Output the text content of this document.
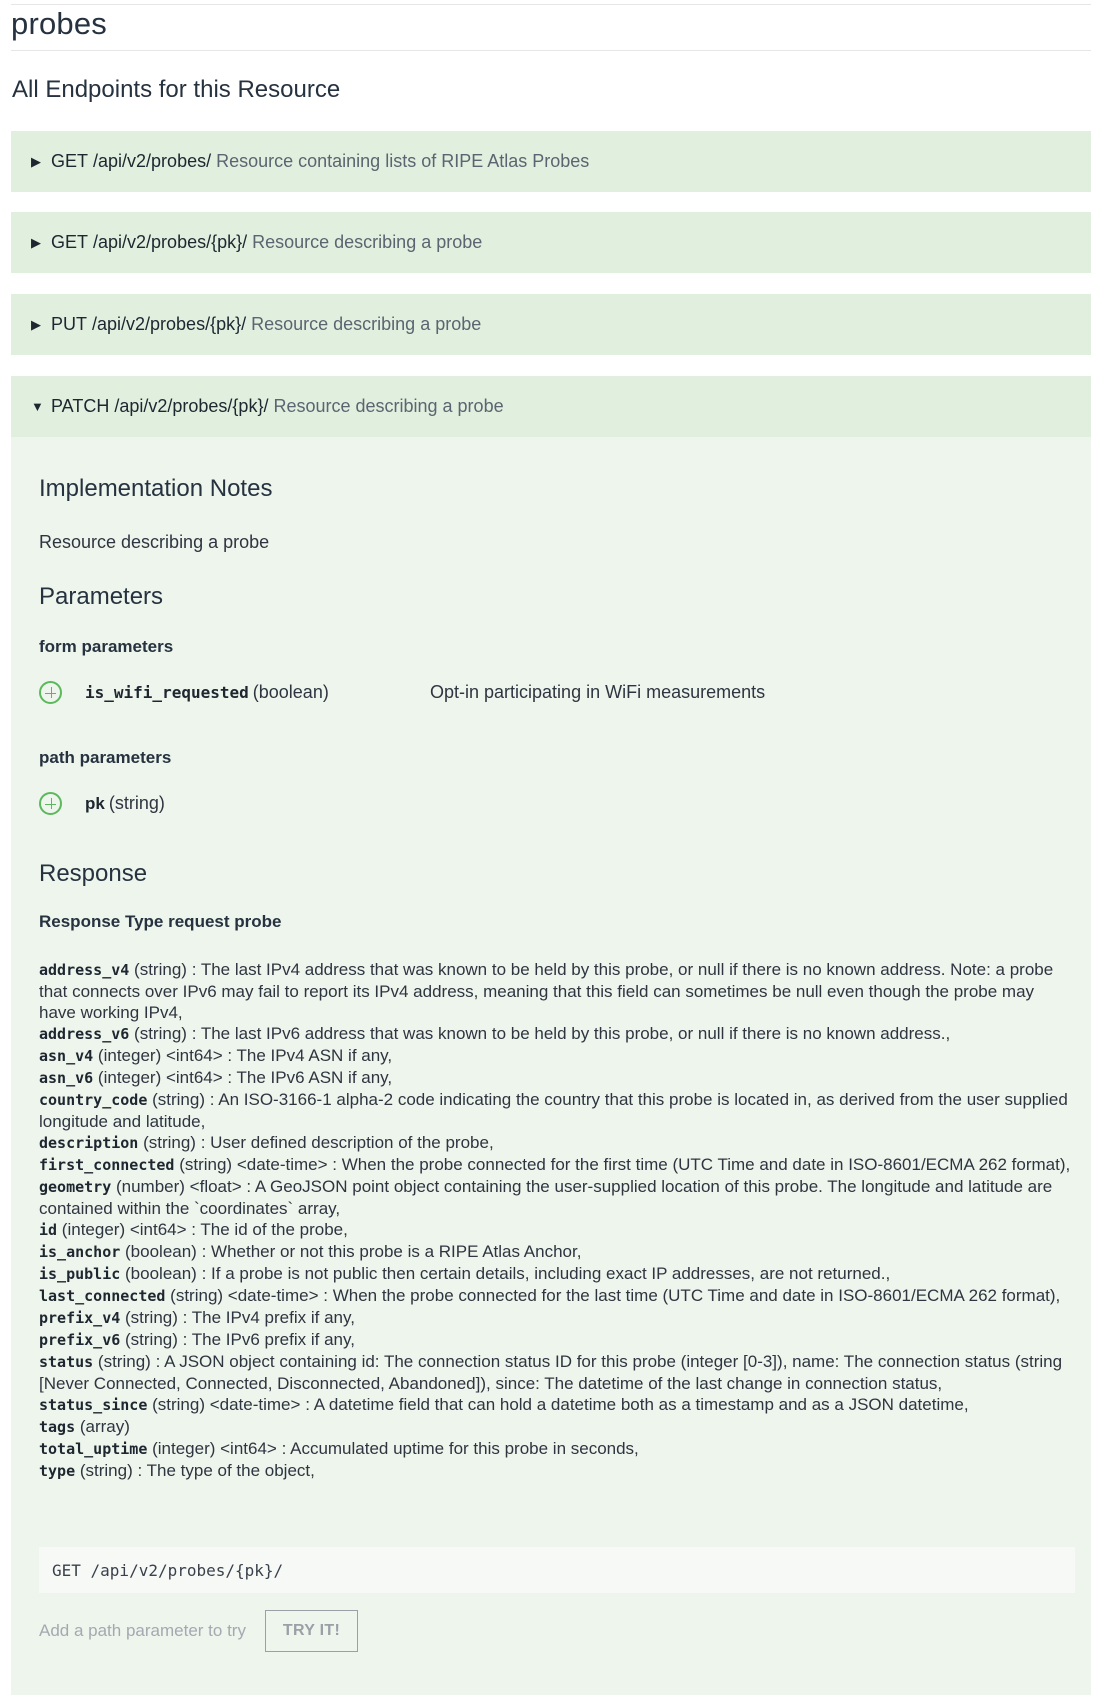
probes
All Endpoints for this Resource
▶ GET /api/v2/probes/ Resource containing lists of RIPE Atlas Probes
▶ GET /api/v2/probes/{pk}/ Resource describing a probe
▶ PUT /api/v2/probes/{pk}/ Resource describing a probe
▼ PATCH /api/v2/probes/{pk}/ Resource describing a probe
Implementation Notes
Resource describing a probe
Parameters
form parameters
is_wifi_requested (boolean)	Opt-in participating in WiFi measurements
path parameters
pk (string)
Response
Response Type request probe
address_v4 (string) : The last IPv4 address that was known to be held by this probe, or null if there is no known address. Note: a probe that connects over IPv6 may fail to report its IPv4 address, meaning that this field can sometimes be null even though the probe may have working IPv4,
address_v6 (string) : The last IPv6 address that was known to be held by this probe, or null if there is no known address.,
asn_v4 (integer) <int64> : The IPv4 ASN if any,
asn_v6 (integer) <int64> : The IPv6 ASN if any,
country_code (string) : An ISO-3166-1 alpha-2 code indicating the country that this probe is located in, as derived from the user supplied longitude and latitude,
description (string) : User defined description of the probe,
first_connected (string) <date-time> : When the probe connected for the first time (UTC Time and date in ISO-8601/ECMA 262 format),
geometry (number) <float> : A GeoJSON point object containing the user-supplied location of this probe. The longitude and latitude are contained within the `coordinates` array,
id (integer) <int64> : The id of the probe,
is_anchor (boolean) : Whether or not this probe is a RIPE Atlas Anchor,
is_public (boolean) : If a probe is not public then certain details, including exact IP addresses, are not returned.,
last_connected (string) <date-time> : When the probe connected for the last time (UTC Time and date in ISO-8601/ECMA 262 format),
prefix_v4 (string) : The IPv4 prefix if any,
prefix_v6 (string) : The IPv6 prefix if any,
status (string) : A JSON object containing id: The connection status ID for this probe (integer [0-3]), name: The connection status (string [Never Connected, Connected, Disconnected, Abandoned]), since: The datetime of the last change in connection status,
status_since (string) <date-time> : A datetime field that can hold a datetime both as a timestamp and as a JSON datetime,
tags (array)
total_uptime (integer) <int64> : Accumulated uptime for this probe in seconds,
type (string) : The type of the object,
GET /api/v2/probes/{pk}/
Add a path parameter to try	TRY IT!
